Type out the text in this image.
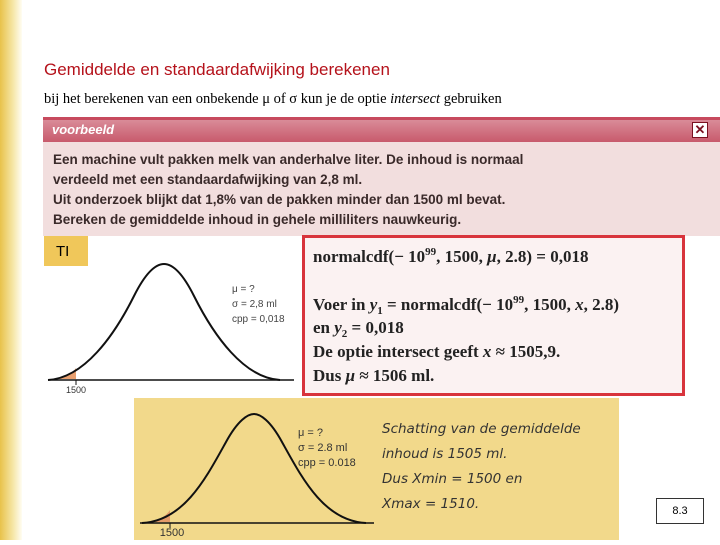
Gemiddelde en standaardafwijking berekenen
bij het berekenen van een onbekende μ of σ kun je de optie intersect gebruiken
voorbeeld	✕
Een machine vult pakken melk van anderhalve liter. De inhoud is normaal
verdeeld met een standaardafwijking van 2,8 ml.
Uit onderzoek blijkt dat 1,8% van de pakken minder dan 1500 ml bevat.
Bereken de gemiddelde inhoud in gehele milliliters nauwkeurig.
1500
μ = ?
σ = 2,8 ml
cpp = 0,018
TI	normalcdf(− $10^{99}$, 1500, μ, 2.8) = 0,018
Voer in $y_1$ = normalcdf(− $10^{99}$, 1500, x, 2.8)
en $y_2 = 0,018$
De optie intersect geeft x ≈ 1505,9.
Dus μ ≈ 1506 ml.
1500
μ = ?
σ = 2.8 ml
cpp = 0.018
Schatting van de gemiddelde
inhoud is 1505 ml.
Dus Xmin = 1500 en
Xmax = 1510.	8.3
